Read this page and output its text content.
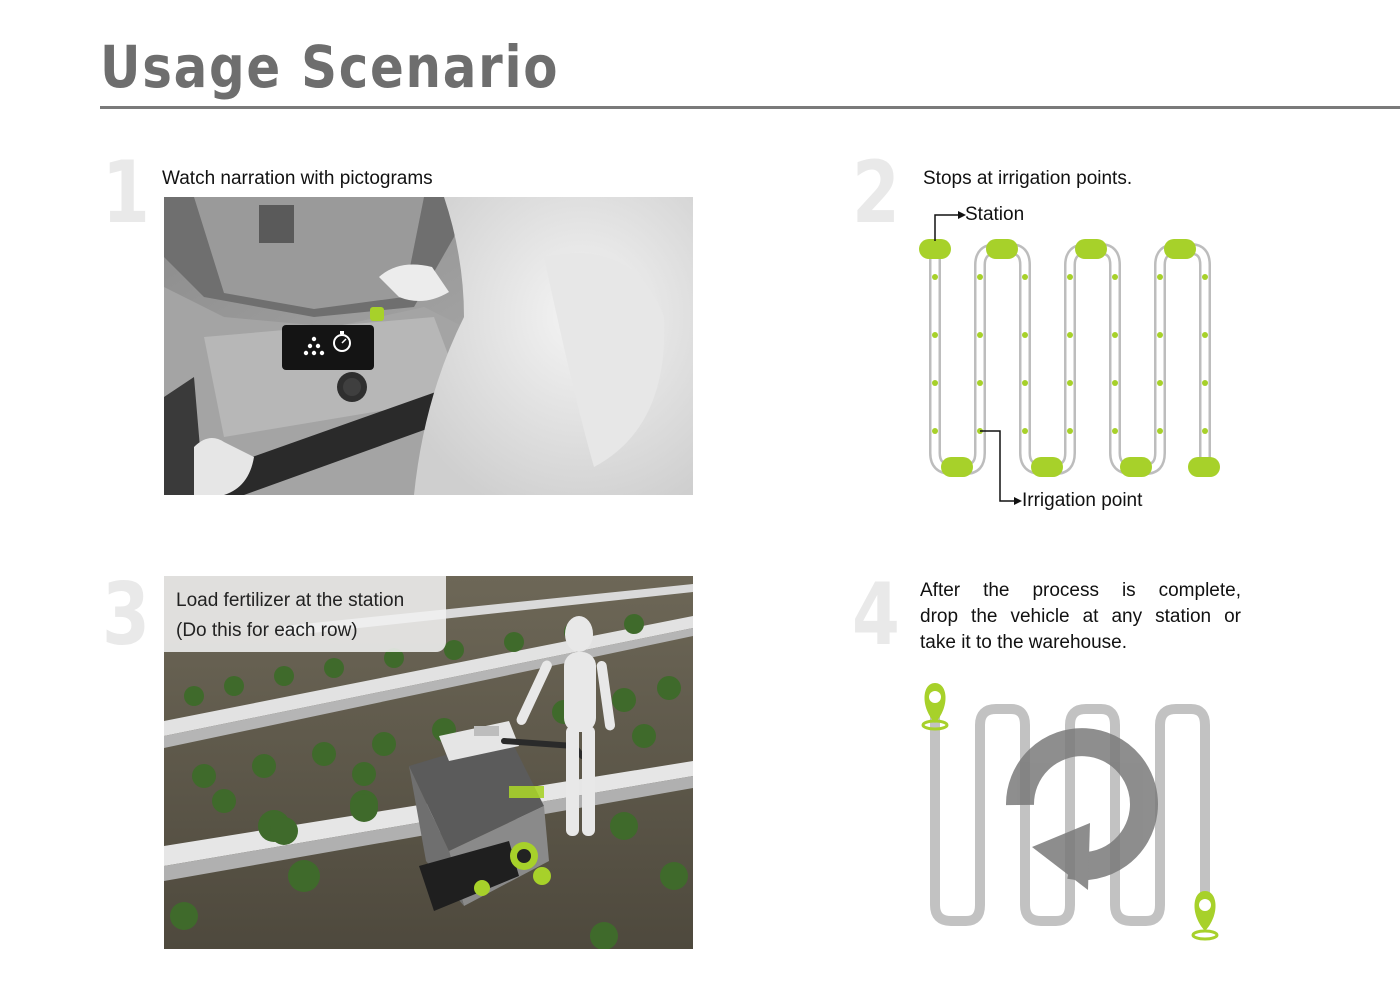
Usage Scenario
1 Watch narration with pictograms	2 Stops at irrigation points.
Station
Irrigation point
3 Load fertilizer at the station
(Do this for each row)	4 After the process is complete,
drop the vehicle at any station or
take it to the warehouse.
